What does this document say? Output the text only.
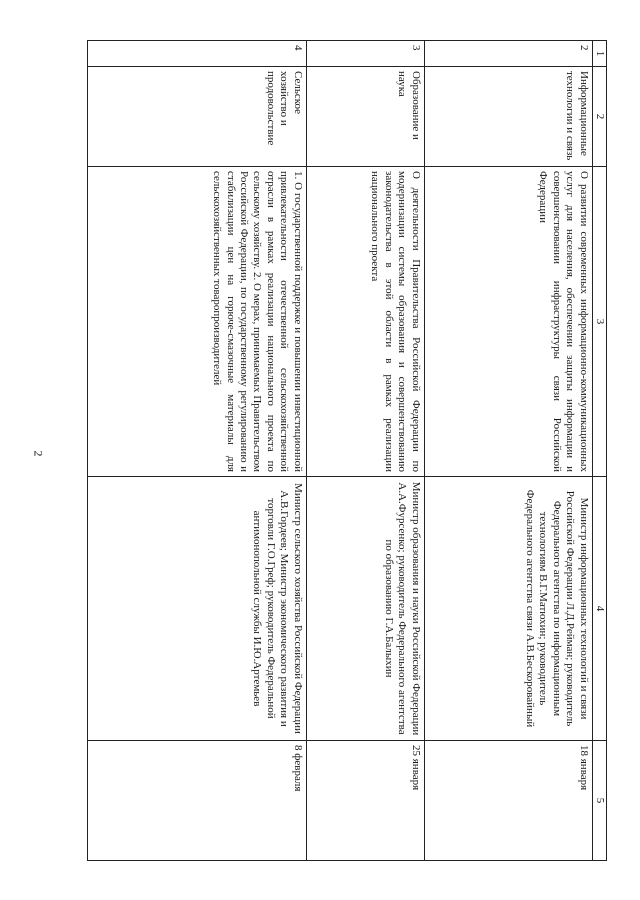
2
1	2	3	4	5
2	Информационные технологии и связь	О развитии современных информационно-коммуникационных услуг для населения, обеспечении защиты информации и совершенствовании инфраструктуры связи Российской Федерации	Министр информационных технологий и связи Российской Федерации Л.Д.Рейман; руководитель Федерального агентства по информационным технологиям В.Г.Матюхин; руководитель Федерального агентства связи А.В.Бескоровайный	18 января
3	Образование и наука	О деятельности Правительства Российской Федерации по модернизации системы образования и совершенствованию законодательства в этой области в рамках реализации национального проекта	Министр образования и науки Российской Федерации А.А.Фурсенко; руководитель Федерального агентства по образованию Г.А.Балыхин	25 января
4	Сельское хозяйство и продовольствие	1. О государственной поддержке и повышении инвестиционной привлекательности отечественной сельскохозяйственной отрасли в рамках реализации национального проекта по сельскому хозяйству. 2. О мерах, принимаемых Правительством Российской Федерации, по государственному регулированию и стабилизации цен на горюче-смазочные материалы для сельскохозяйственных товаропроизводителей	Министр сельского хозяйства Российской Федерации А.В.Гордеев; Министр экономического развития и торговли Г.О.Греф; руководитель Федеральной антимонопольной службы И.Ю.Артемьев	8 февраля
